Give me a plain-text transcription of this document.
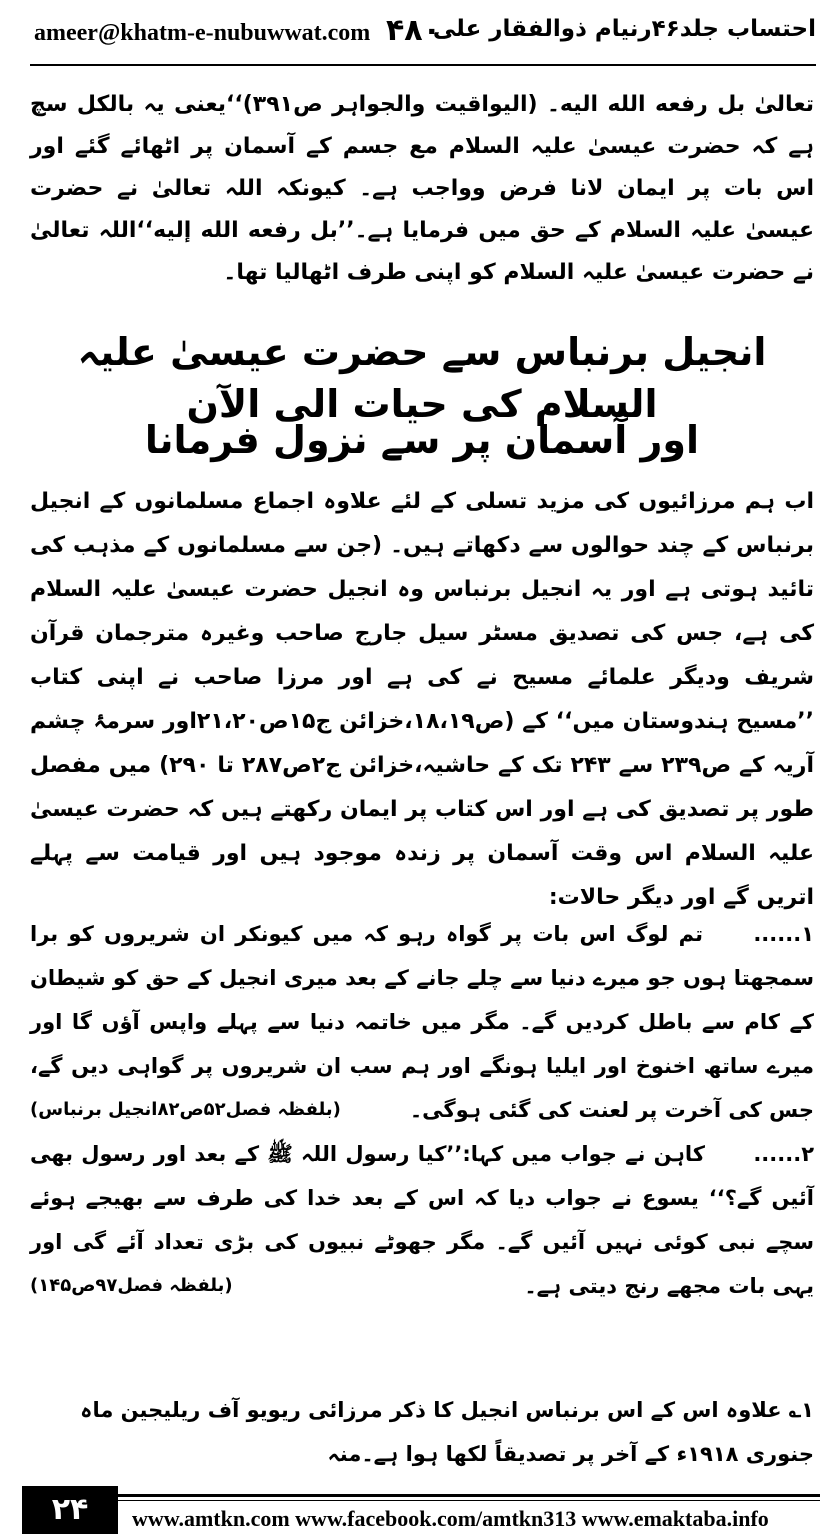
ameer@khatm-e-nubuwwat.com ۴۸۰
احتساب جلد۴۶رنیام ذوالفقار علی
تعالیٰ بل رفعه الله الیه۔ (الیواقیت والجواہر ص۳۹۱)‘‘یعنی یہ بالکل سچ ہے کہ حضرت عیسیٰ علیہ السلام مع جسم کے آسمان پر اٹھائے گئے اور اس بات پر ایمان لانا فرض وواجب ہے۔ کیونکہ اللہ تعالیٰ نے حضرت عیسیٰ علیہ السلام کے حق میں فرمایا ہے۔’’بل رفعه الله إلیه‘‘اللہ تعالیٰ نے حضرت عیسیٰ علیہ السلام کو اپنی طرف اٹھالیا تھا۔
انجیل برنباس سے حضرت عیسیٰ علیہ السلام کی حیات الی الآن
اور آسمان پر سے نزول فرمانا
اب ہم مرزائیوں کی مزید تسلی کے لئے علاوہ اجماع مسلمانوں کے انجیل برنباس کے چند حوالوں سے دکھاتے ہیں۔ (جن سے مسلمانوں کے مذہب کی تائید ہوتی ہے اور یہ انجیل برنباس وہ انجیل حضرت عیسیٰ علیہ السلام کی ہے، جس کی تصدیق مسٹر سیل جارج صاحب وغیرہ مترجمان قرآن شریف ودیگر علمائے مسیح نے کی ہے اور مرزا صاحب نے اپنی کتاب ’’مسیح ہندوستان میں‘‘ کے (ص۱۸،۱۹،خزائن ج۱۵ص۲۱،۲۰اور سرمۂ چشم آریہ کے ص۲۳۹ سے ۲۴۳ تک کے حاشیہ،خزائن ج۲ص۲۸۷ تا ۲۹۰) میں مفصل طور پر تصدیق کی ہے اور اس کتاب پر ایمان رکھتے ہیں کہ حضرت عیسیٰ علیہ السلام اس وقت آسمان پر زندہ موجود ہیں اور قیامت سے پہلے اتریں گے اور دیگر حالات:
۱...... تم لوگ اس بات پر گواہ رہو کہ میں کیونکر ان شریروں کو برا سمجھتا ہوں جو میرے دنیا سے چلے جانے کے بعد میری انجیل کے حق کو شیطان کے کام سے باطل کردیں گے۔ مگر میں خاتمہ دنیا سے پہلے واپس آؤں گا اور میرے ساتھ اخنوخ اور ایلیا ہونگے اور ہم سب ان شریروں پر گواہی دیں گے، جس کی آخرت پر لعنت کی گئی ہوگی۔
(بلفظہ فصل۵۲ص۸۲انجیل برنباس)
۲...... کاہن نے جواب میں کہا:’’کیا رسول اللہ ﷺ کے بعد اور رسول بھی آئیں گے؟‘‘ یسوع نے جواب دیا کہ اس کے بعد خدا کی طرف سے بھیجے ہوئے سچے نبی کوئی نہیں آئیں گے۔ مگر جھوٹے نبیوں کی بڑی تعداد آئے گی اور یہی بات مجھے رنج دیتی ہے۔
(بلفظہ فصل۹۷ص۱۴۵)
۱؎ علاوہ اس کے اس برنباس انجیل کا ذکر مرزائی ریویو آف ریلیجین ماہ جنوری ۱۹۱۸ء کے آخر پر تصدیقاً لکھا ہوا ہے۔منہ
۲۴	www.amtkn.com www.facebook.com/amtkn313 www.emaktaba.info
